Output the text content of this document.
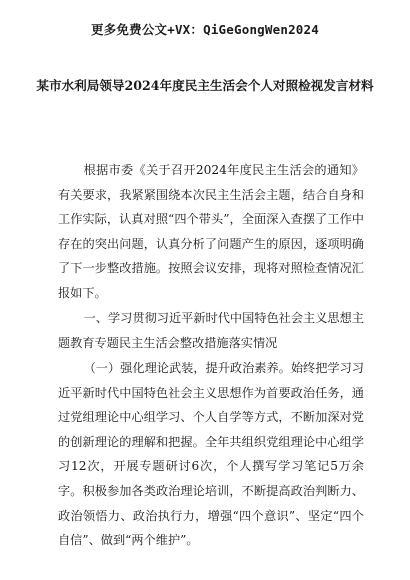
更多免费公文+VX：QiGeGongWen2024
某市水利局领导2024年度民主生活会个人对照检视发言材料

根据市委《关于召开2024年度民主生活会的通知》有关要求，我紧紧围绕本次民主生活会主题，结合自身和工作实际，认真对照“四个带头”，全面深入查摆了工作中存在的突出问题，认真分析了问题产生的原因，逐项明确了下一步整改措施。按照会议安排，现将对照检查情况汇报如下。

一、学习贯彻习近平新时代中国特色社会主义思想主题教育专题民主生活会整改措施落实情况

（一）强化理论武装，提升政治素养。始终把学习习近平新时代中国特色社会主义思想作为首要政治任务，通过党组理论中心组学习、个人自学等方式，不断加深对党的创新理论的理解和把握。全年共组织党组理论中心组学习12次，开展专题研讨6次，个人撰写学习笔记5万余字。积极参加各类政治理论培训，不断提高政治判断力、政治领悟力、政治执行力，增强“四个意识”、坚定“四个自信”、做到“两个维护”。
